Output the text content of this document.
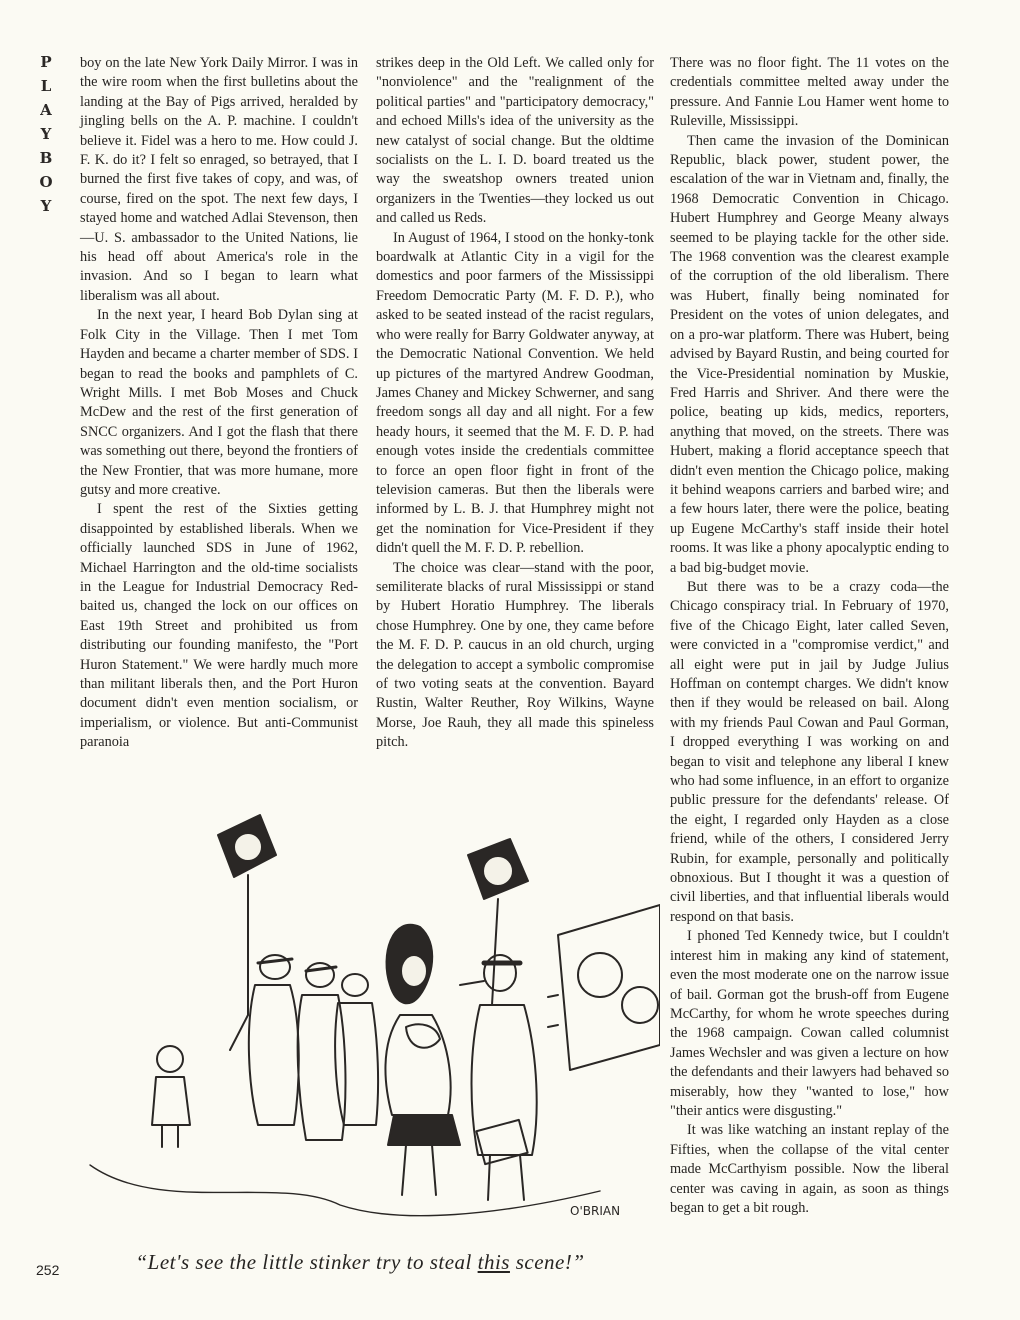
P
L
A
Y
B
O
Y

boy on the late New York Daily Mirror. I was in the wire room when the first bulletins about the landing at the Bay of Pigs arrived, heralded by jingling bells on the A. P. machine. I couldn't believe it. Fidel was a hero to me. How could J. F. K. do it? I felt so enraged, so betrayed, that I burned the first five takes of copy, and was, of course, fired on the spot. The next few days, I stayed home and watched Adlai Stevenson, then—U. S. ambassador to the United Nations, lie his head off about America's role in the invasion. And so I began to learn what liberalism was all about.

In the next year, I heard Bob Dylan sing at Folk City in the Village. Then I met Tom Hayden and became a charter member of SDS. I began to read the books and pamphlets of C. Wright Mills. I met Bob Moses and Chuck McDew and the rest of the first generation of SNCC organizers. And I got the flash that there was something out there, beyond the frontiers of the New Frontier, that was more humane, more gutsy and more creative.

I spent the rest of the Sixties getting disappointed by established liberals. When we officially launched SDS in June of 1962, Michael Harrington and the old-time socialists in the League for Industrial Democracy Red-baited us, changed the lock on our offices on East 19th Street and prohibited us from distributing our founding manifesto, the "Port Huron Statement." We were hardly much more than militant liberals then, and the Port Huron document didn't even mention socialism, or imperialism, or violence. But anti-Communist paranoia

strikes deep in the Old Left. We called only for "nonviolence" and the "realignment of the political parties" and "participatory democracy," and echoed Mills's idea of the university as the new catalyst of social change. But the oldtime socialists on the L. I. D. board treated us the way the sweatshop owners treated union organizers in the Twenties—they locked us out and called us Reds.

In August of 1964, I stood on the honky-tonk boardwalk at Atlantic City in a vigil for the domestics and poor farmers of the Mississippi Freedom Democratic Party (M. F. D. P.), who asked to be seated instead of the racist regulars, who were really for Barry Goldwater anyway, at the Democratic National Convention. We held up pictures of the martyred Andrew Goodman, James Chaney and Mickey Schwerner, and sang freedom songs all day and all night. For a few heady hours, it seemed that the M. F. D. P. had enough votes inside the credentials committee to force an open floor fight in front of the television cameras. But then the liberals were informed by L. B. J. that Humphrey might not get the nomination for Vice-President if they didn't quell the M. F. D. P. rebellion.

The choice was clear—stand with the poor, semiliterate blacks of rural Mississippi or stand by Hubert Horatio Humphrey. The liberals chose Humphrey. One by one, they came before the M. F. D. P. caucus in an old church, urging the delegation to accept a symbolic compromise of two voting seats at the convention. Bayard Rustin, Walter Reuther, Roy Wilkins, Wayne Morse, Joe Rauh, they all made this spineless pitch.

There was no floor fight. The 11 votes on the credentials committee melted away under the pressure. And Fannie Lou Hamer went home to Ruleville, Mississippi.

Then came the invasion of the Dominican Republic, black power, student power, the escalation of the war in Vietnam and, finally, the 1968 Democratic Convention in Chicago. Hubert Humphrey and George Meany always seemed to be playing tackle for the other side. The 1968 convention was the clearest example of the corruption of the old liberalism. There was Hubert, finally being nominated for President on the votes of union delegates, and on a pro-war platform. There was Hubert, being advised by Bayard Rustin, and being courted for the Vice-Presidential nomination by Muskie, Fred Harris and Shriver. And there were the police, beating up kids, medics, reporters, anything that moved, on the streets. There was Hubert, making a florid acceptance speech that didn't even mention the Chicago police, making it behind weapons carriers and barbed wire; and a few hours later, there were the police, beating up Eugene McCarthy's staff inside their hotel rooms. It was like a phony apocalyptic ending to a bad big-budget movie.

But there was to be a crazy coda—the Chicago conspiracy trial. In February of 1970, five of the Chicago Eight, later called Seven, were convicted in a "compromise verdict," and all eight were put in jail by Judge Julius Hoffman on contempt charges. We didn't know then if they would be released on bail. Along with my friends Paul Cowan and Paul Gorman, I dropped everything I was working on and began to visit and telephone any liberal I knew who had some influence, in an effort to organize public pressure for the defendants' release. Of the eight, I regarded only Hayden as a close friend, while of the others, I considered Jerry Rubin, for example, personally and politically obnoxious. But I thought it was a question of civil liberties, and that influential liberals would respond on that basis.

I phoned Ted Kennedy twice, but I couldn't interest him in making any kind of statement, even the most moderate one on the narrow issue of bail. Gorman got the brush-off from Eugene McCarthy, for whom he wrote speeches during the 1968 campaign. Cowan called columnist James Wechsler and was given a lecture on how the defendants and their lawyers had behaved so miserably, how they "wanted to lose," how "their antics were disgusting."

It was like watching an instant replay of the Fifties, when the collapse of the vital center made McCarthyism possible. Now the liberal center was caving in again, as soon as things began to get a bit rough.

O'BRIAN
“Let's see the little stinker try to steal this scene!”
252
